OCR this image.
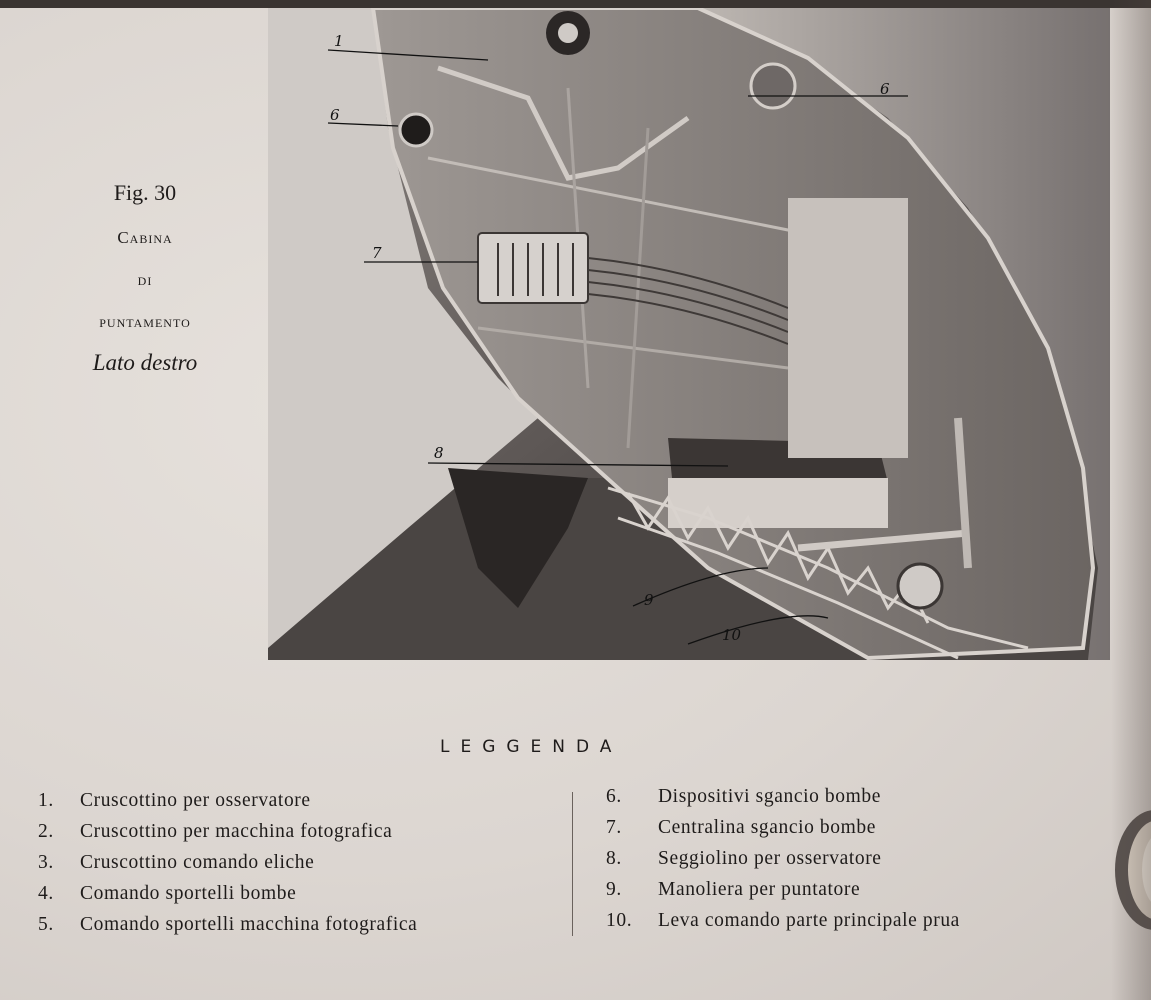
Fig. 30
Cabina
di
puntamento
Lato destro
1
6
6
7
8
9
10
LEGGENDA
1. Cruscottino per osservatore
2. Cruscottino per macchina fotografica
3. Cruscottino comando eliche
4. Comando sportelli bombe
5. Comando sportelli macchina fotografica
6. Dispositivi sgancio bombe
7. Centralina sgancio bombe
8. Seggiolino per osservatore
9. Manoliera per puntatore
10. Leva comando parte principale prua
